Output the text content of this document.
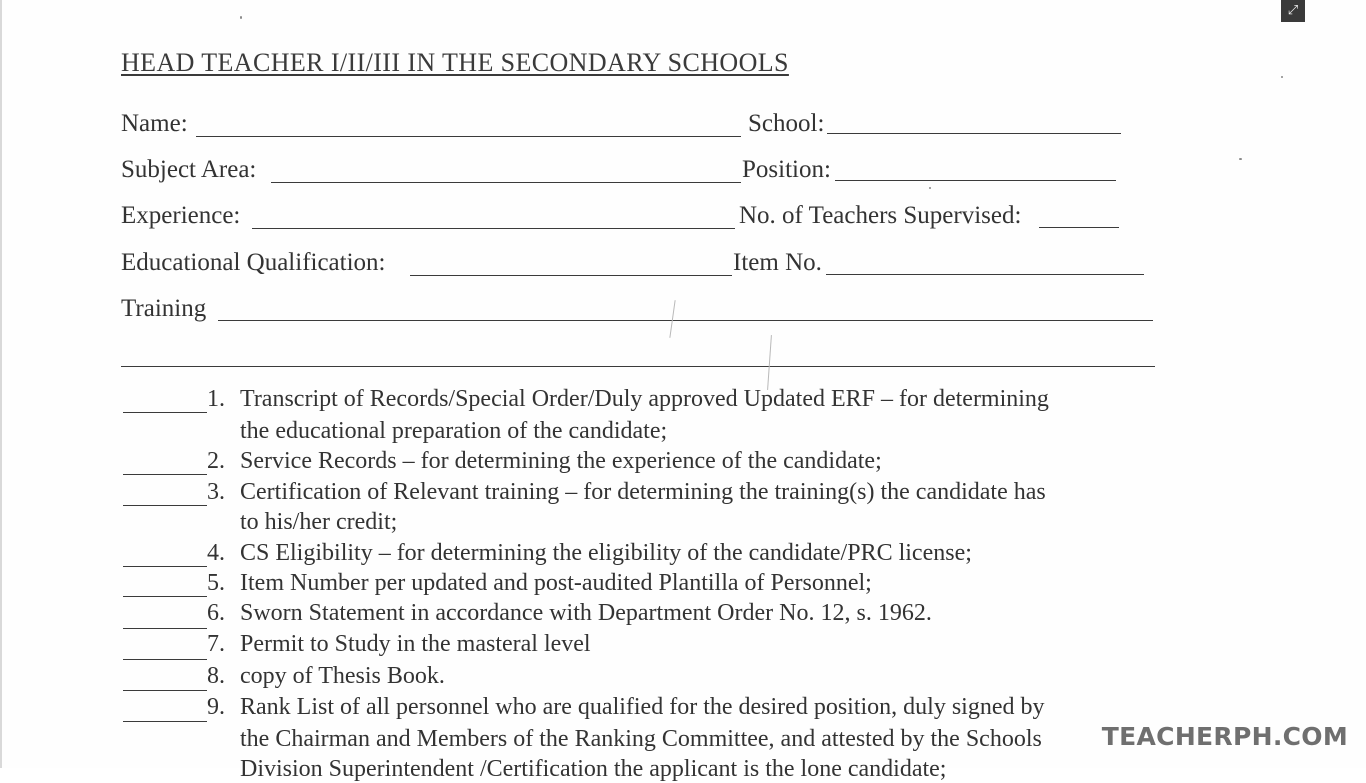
⤢
HEAD TEACHER I/II/III IN THE SECONDARY SCHOOLS
Name:	School:
Subject Area:	Position:
Experience:	No. of Teachers Supervised:
Educational Qualification:	Item No.
Training
1. Transcript of Records/Special Order/Duly approved Updated ERF – for determining
the educational preparation of the candidate;
2. Service Records – for determining the experience of the candidate;
3. Certification of Relevant training – for determining the training(s) the candidate has
to his/her credit;
4. CS Eligibility – for determining the eligibility of the candidate/PRC license;
5. Item Number per updated and post-audited Plantilla of Personnel;
6. Sworn Statement in accordance with Department Order No. 12, s. 1962.
7. Permit to Study in the masteral level
8. copy of Thesis Book.
9. Rank List of all personnel who are qualified for the desired position, duly signed by
the Chairman and Members of the Ranking Committee, and attested by the Schools
Division Superintendent /Certification the applicant is the lone candidate;
TEACHERPH.COM
